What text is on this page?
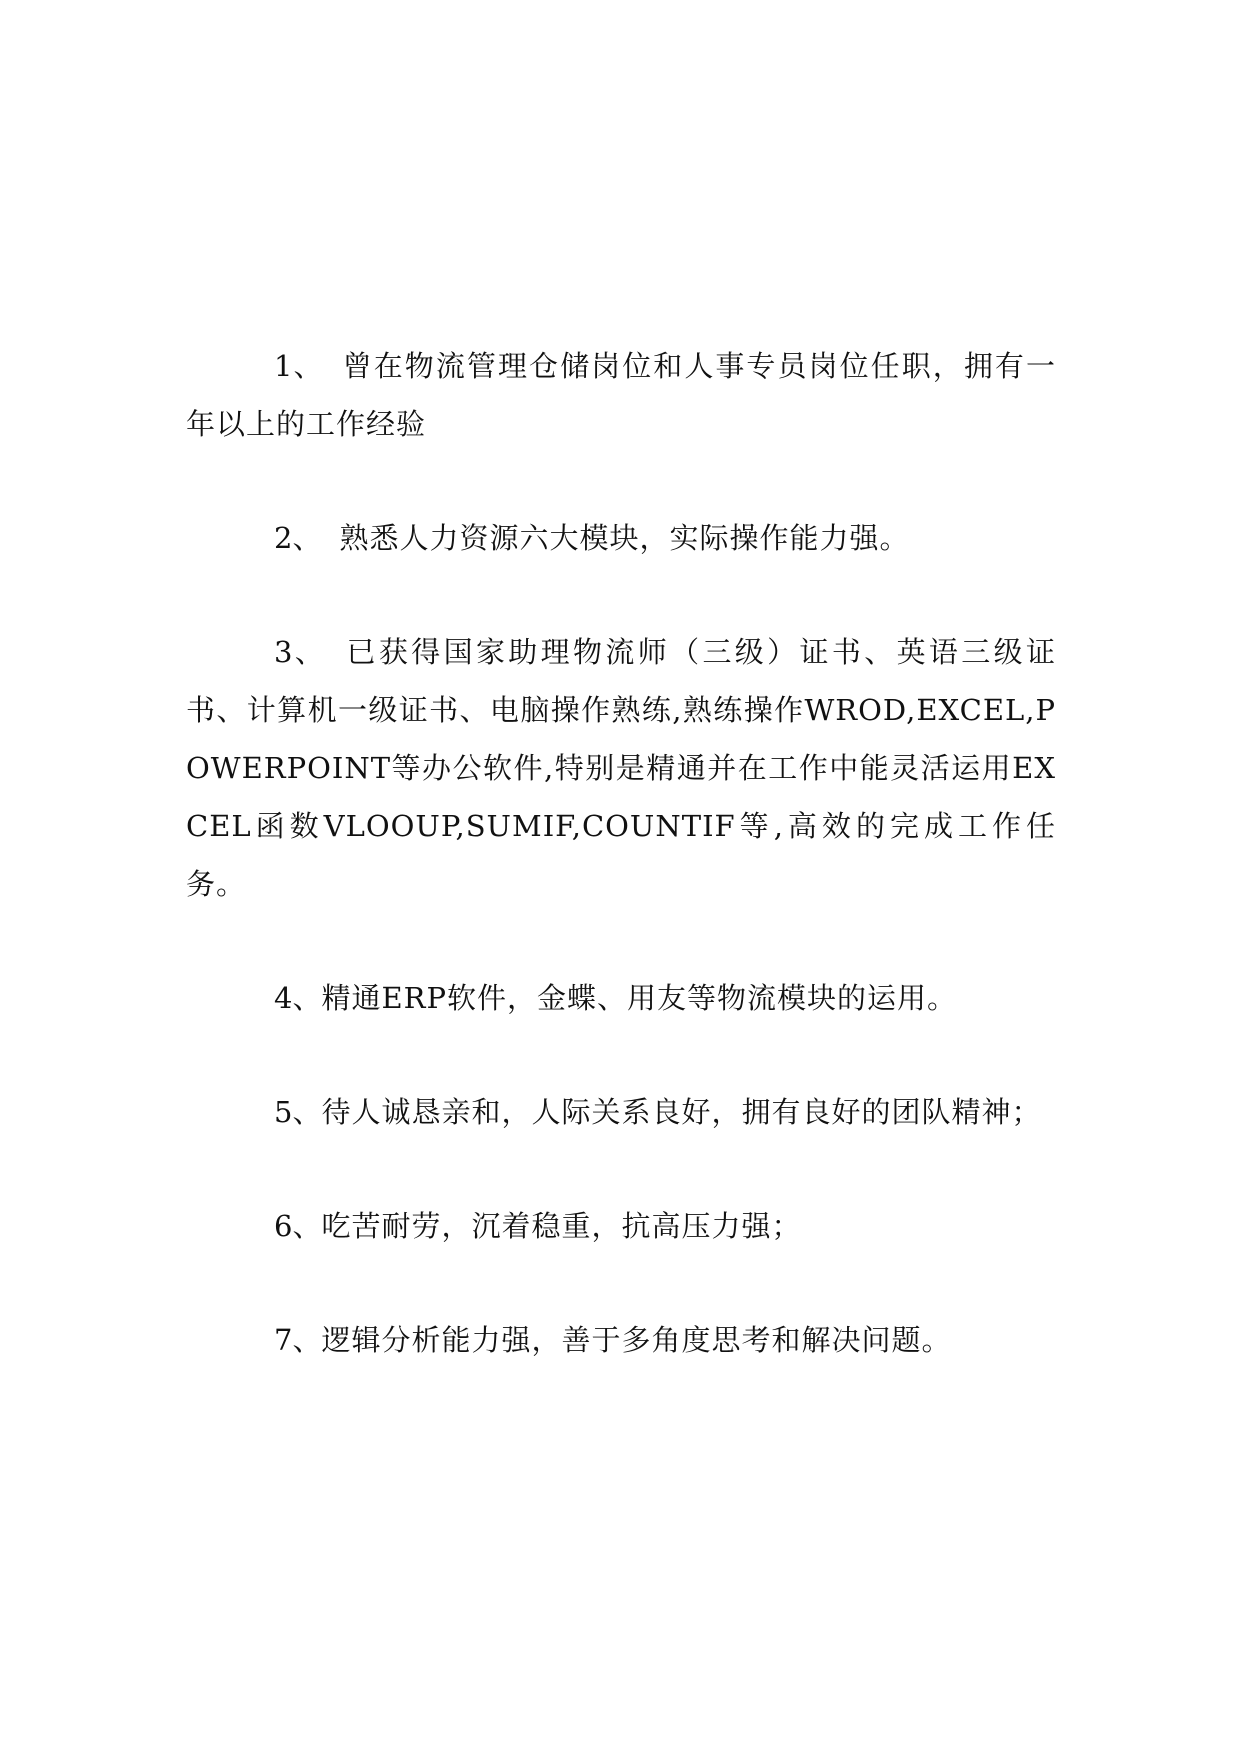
1、 曾在物流管理仓储岗位和人事专员岗位任职，拥有一年以上的工作经验

2、 熟悉人力资源六大模块，实际操作能力强。

3、 已获得国家助理物流师（三级）证书、英语三级证书、计算机一级证书、电脑操作熟练,熟练操作WROD,EXCEL,POWERPOINT等办公软件,特别是精通并在工作中能灵活运用EXCEL函数VLOOUP,SUMIF,COUNTIF等,高效的完成工作任务。

4、精通ERP软件，金蝶、用友等物流模块的运用。

5、待人诚恳亲和，人际关系良好，拥有良好的团队精神；

6、吃苦耐劳，沉着稳重，抗高压力强；

7、逻辑分析能力强，善于多角度思考和解决问题。
